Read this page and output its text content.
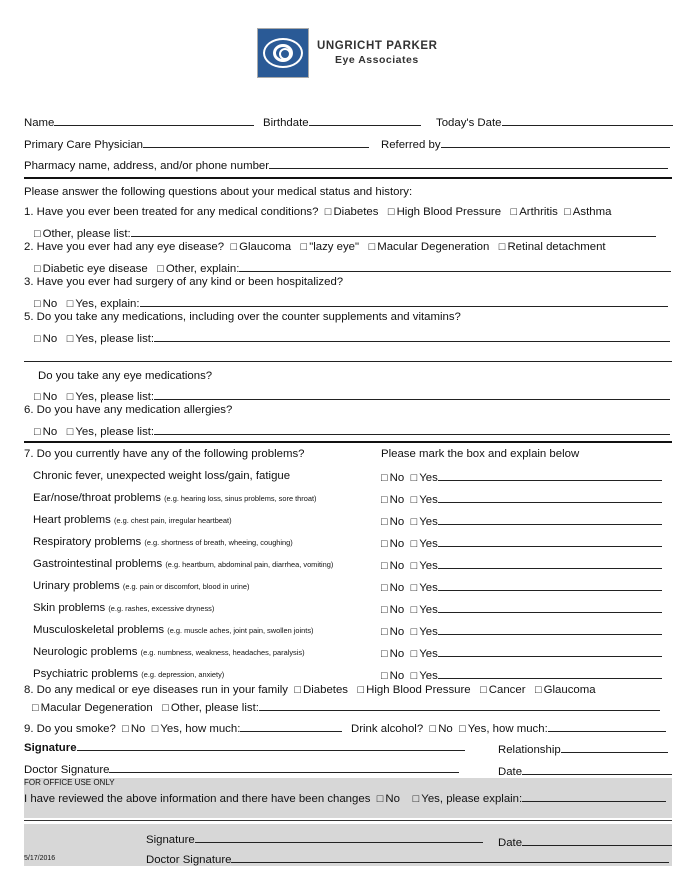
UNGRICHT PARKER
Eye Associates
Name	Birthdate	Today's Date
Primary Care Physician	Referred by
Pharmacy name, address, and/or phone number
Please answer the following questions about your medical status and history:
1. Have you ever been treated for any medical conditions? □ Diabetes □ High Blood Pressure □ Arthritis □ Asthma
□ Other, please list:
2. Have you ever had any eye disease? □ Glaucoma □ "lazy eye" □ Macular Degeneration □ Retinal detachment
□ Diabetic eye disease □ Other, explain:
3. Have you ever had surgery of any kind or been hospitalized?
□ No □ Yes, explain:
5. Do you take any medications, including over the counter supplements and vitamins?
□ No □ Yes, please list:
Do you take any eye medications?
□ No □ Yes, please list:
6. Do you have any medication allergies?
□ No □ Yes, please list:
7. Do you currently have any of the following problems?	Please mark the box and explain below
Chronic fever, unexpected weight loss/gain, fatigue	□ No □ Yes
Ear/nose/throat problems (e.g. hearing loss, sinus problems, sore throat)	□ No □ Yes
Heart problems (e.g. chest pain, irregular heartbeat)	□ No □ Yes
Respiratory problems (e.g. shortness of breath, wheeing, coughing)	□ No □ Yes
Gastrointestinal problems (e.g. heartburn, abdominal pain, diarrhea, vomiting)	□ No □ Yes
Urinary problems (e.g. pain or discomfort, blood in urine)	□ No □ Yes
Skin problems (e.g. rashes, excessive dryness)	□ No □ Yes
Musculoskeletal problems (e.g. muscle aches, joint pain, swollen joints)	□ No □ Yes
Neurologic problems (e.g. numbness, weakness, headaches, paralysis)	□ No □ Yes
Psychiatric problems (e.g. depression, anxiety)	□ No □ Yes
8. Do any medical or eye diseases run in your family □ Diabetes □ High Blood Pressure □ Cancer □ Glaucoma
□ Macular Degeneration □ Other, please list:
9. Do you smoke? □ No □ Yes, how much:	Drink alcohol? □ No □ Yes, how much:
Signature	Relationship
Doctor Signature	Date
FOR OFFICE USE ONLY
I have reviewed the above information and there have been changes □ No □ Yes, please explain:
Signature	Date
5/17/2016	Doctor Signature
